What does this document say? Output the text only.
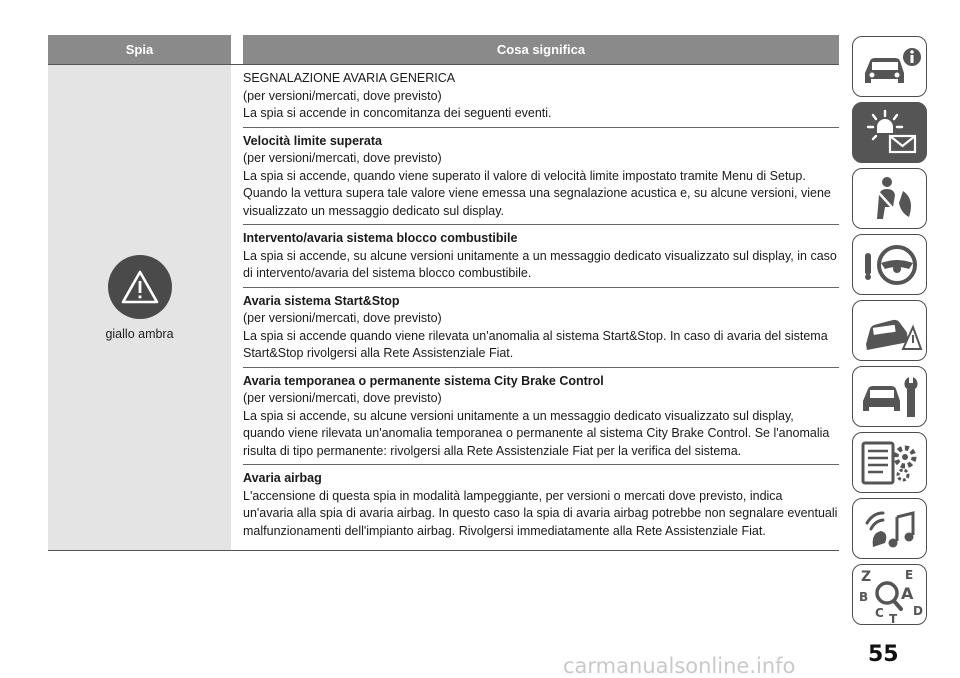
Spia	Cosa significa
giallo ambra
SEGNALAZIONE AVARIA GENERICA
(per versioni/mercati, dove previsto)
La spia si accende in concomitanza dei seguenti eventi.
Velocità limite superata
(per versioni/mercati, dove previsto)
La spia si accende, quando viene superato il valore di velocità limite impostato tramite Menu di Setup.
Quando la vettura supera tale valore viene emessa una segnalazione acustica e, su alcune versioni, viene
visualizzato un messaggio dedicato sul display.
Intervento/avaria sistema blocco combustibile
La spia si accende, su alcune versioni unitamente a un messaggio dedicato visualizzato sul display, in caso
di intervento/avaria del sistema blocco combustibile.
Avaria sistema Start&Stop
(per versioni/mercati, dove previsto)
La spia si accende quando viene rilevata un'anomalia al sistema Start&Stop. In caso di avaria del sistema
Start&Stop rivolgersi alla Rete Assistenziale Fiat.
Avaria temporanea o permanente sistema City Brake Control
(per versioni/mercati, dove previsto)
La spia si accende, su alcune versioni unitamente a un messaggio dedicato visualizzato sul display,
quando viene rilevata un'anomalia temporanea o permanente al sistema City Brake Control. Se l'anomalia
risulta di tipo permanente: rivolgersi alla Rete Assistenziale Fiat per la verifica del sistema.
Avaria airbag
L'accensione di questa spia in modalità lampeggiante, per versioni o mercati dove previsto, indica
un'avaria alla spia di avaria airbag. In questo caso la spia di avaria airbag potrebbe non segnalare eventuali
malfunzionamenti dell'impianto airbag. Rivolgersi immediatamente alla Rete Assistenziale Fiat.
Z	E
A
B
C T
D
55
carmanualsonline.info
